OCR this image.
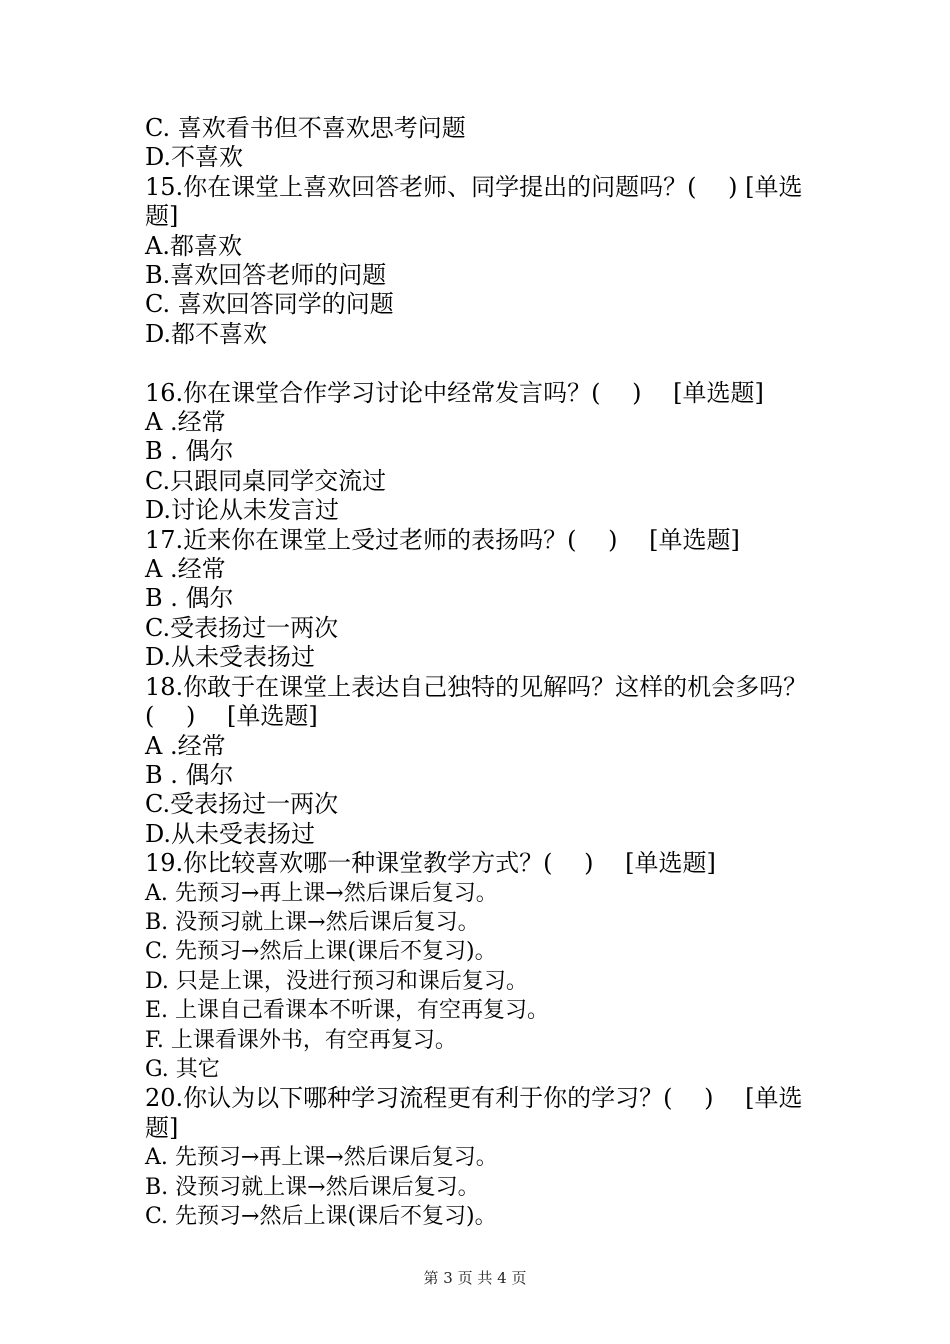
C. 喜欢看书但不喜欢思考问题

D.不喜欢

15.你在课堂上喜欢回答老师、同学提出的问题吗？(　 ) [单选题]

A.都喜欢

B.喜欢回答老师的问题

C. 喜欢回答同学的问题

D.都不喜欢

16.你在课堂合作学习讨论中经常发言吗？(　 )　 [单选题]

A .经常

B . 偶尔

C.只跟同桌同学交流过

D.讨论从未发言过

17.近来你在课堂上受过老师的表扬吗？(　 )　 [单选题]

A .经常

B . 偶尔

C.受表扬过一两次

D.从未受表扬过

18.你敢于在课堂上表达自己独特的见解吗？这样的机会多吗？(　 )　 [单选题]

A .经常

B . 偶尔

C.受表扬过一两次

D.从未受表扬过

19.你比较喜欢哪一种课堂教学方式？(　 )　 [单选题]

A. 先预习→再上课→然后课后复习。

B. 没预习就上课→然后课后复习。

C. 先预习→然后上课(课后不复习)。

D. 只是上课，没进行预习和课后复习。

E. 上课自己看课本不听课，有空再复习。

F. 上课看课外书，有空再复习。

G. 其它

20.你认为以下哪种学习流程更有利于你的学习？(　 )　 [单选题]

A. 先预习→再上课→然后课后复习。

B. 没预习就上课→然后课后复习。

C. 先预习→然后上课(课后不复习)。

第 3 页 共 4 页
